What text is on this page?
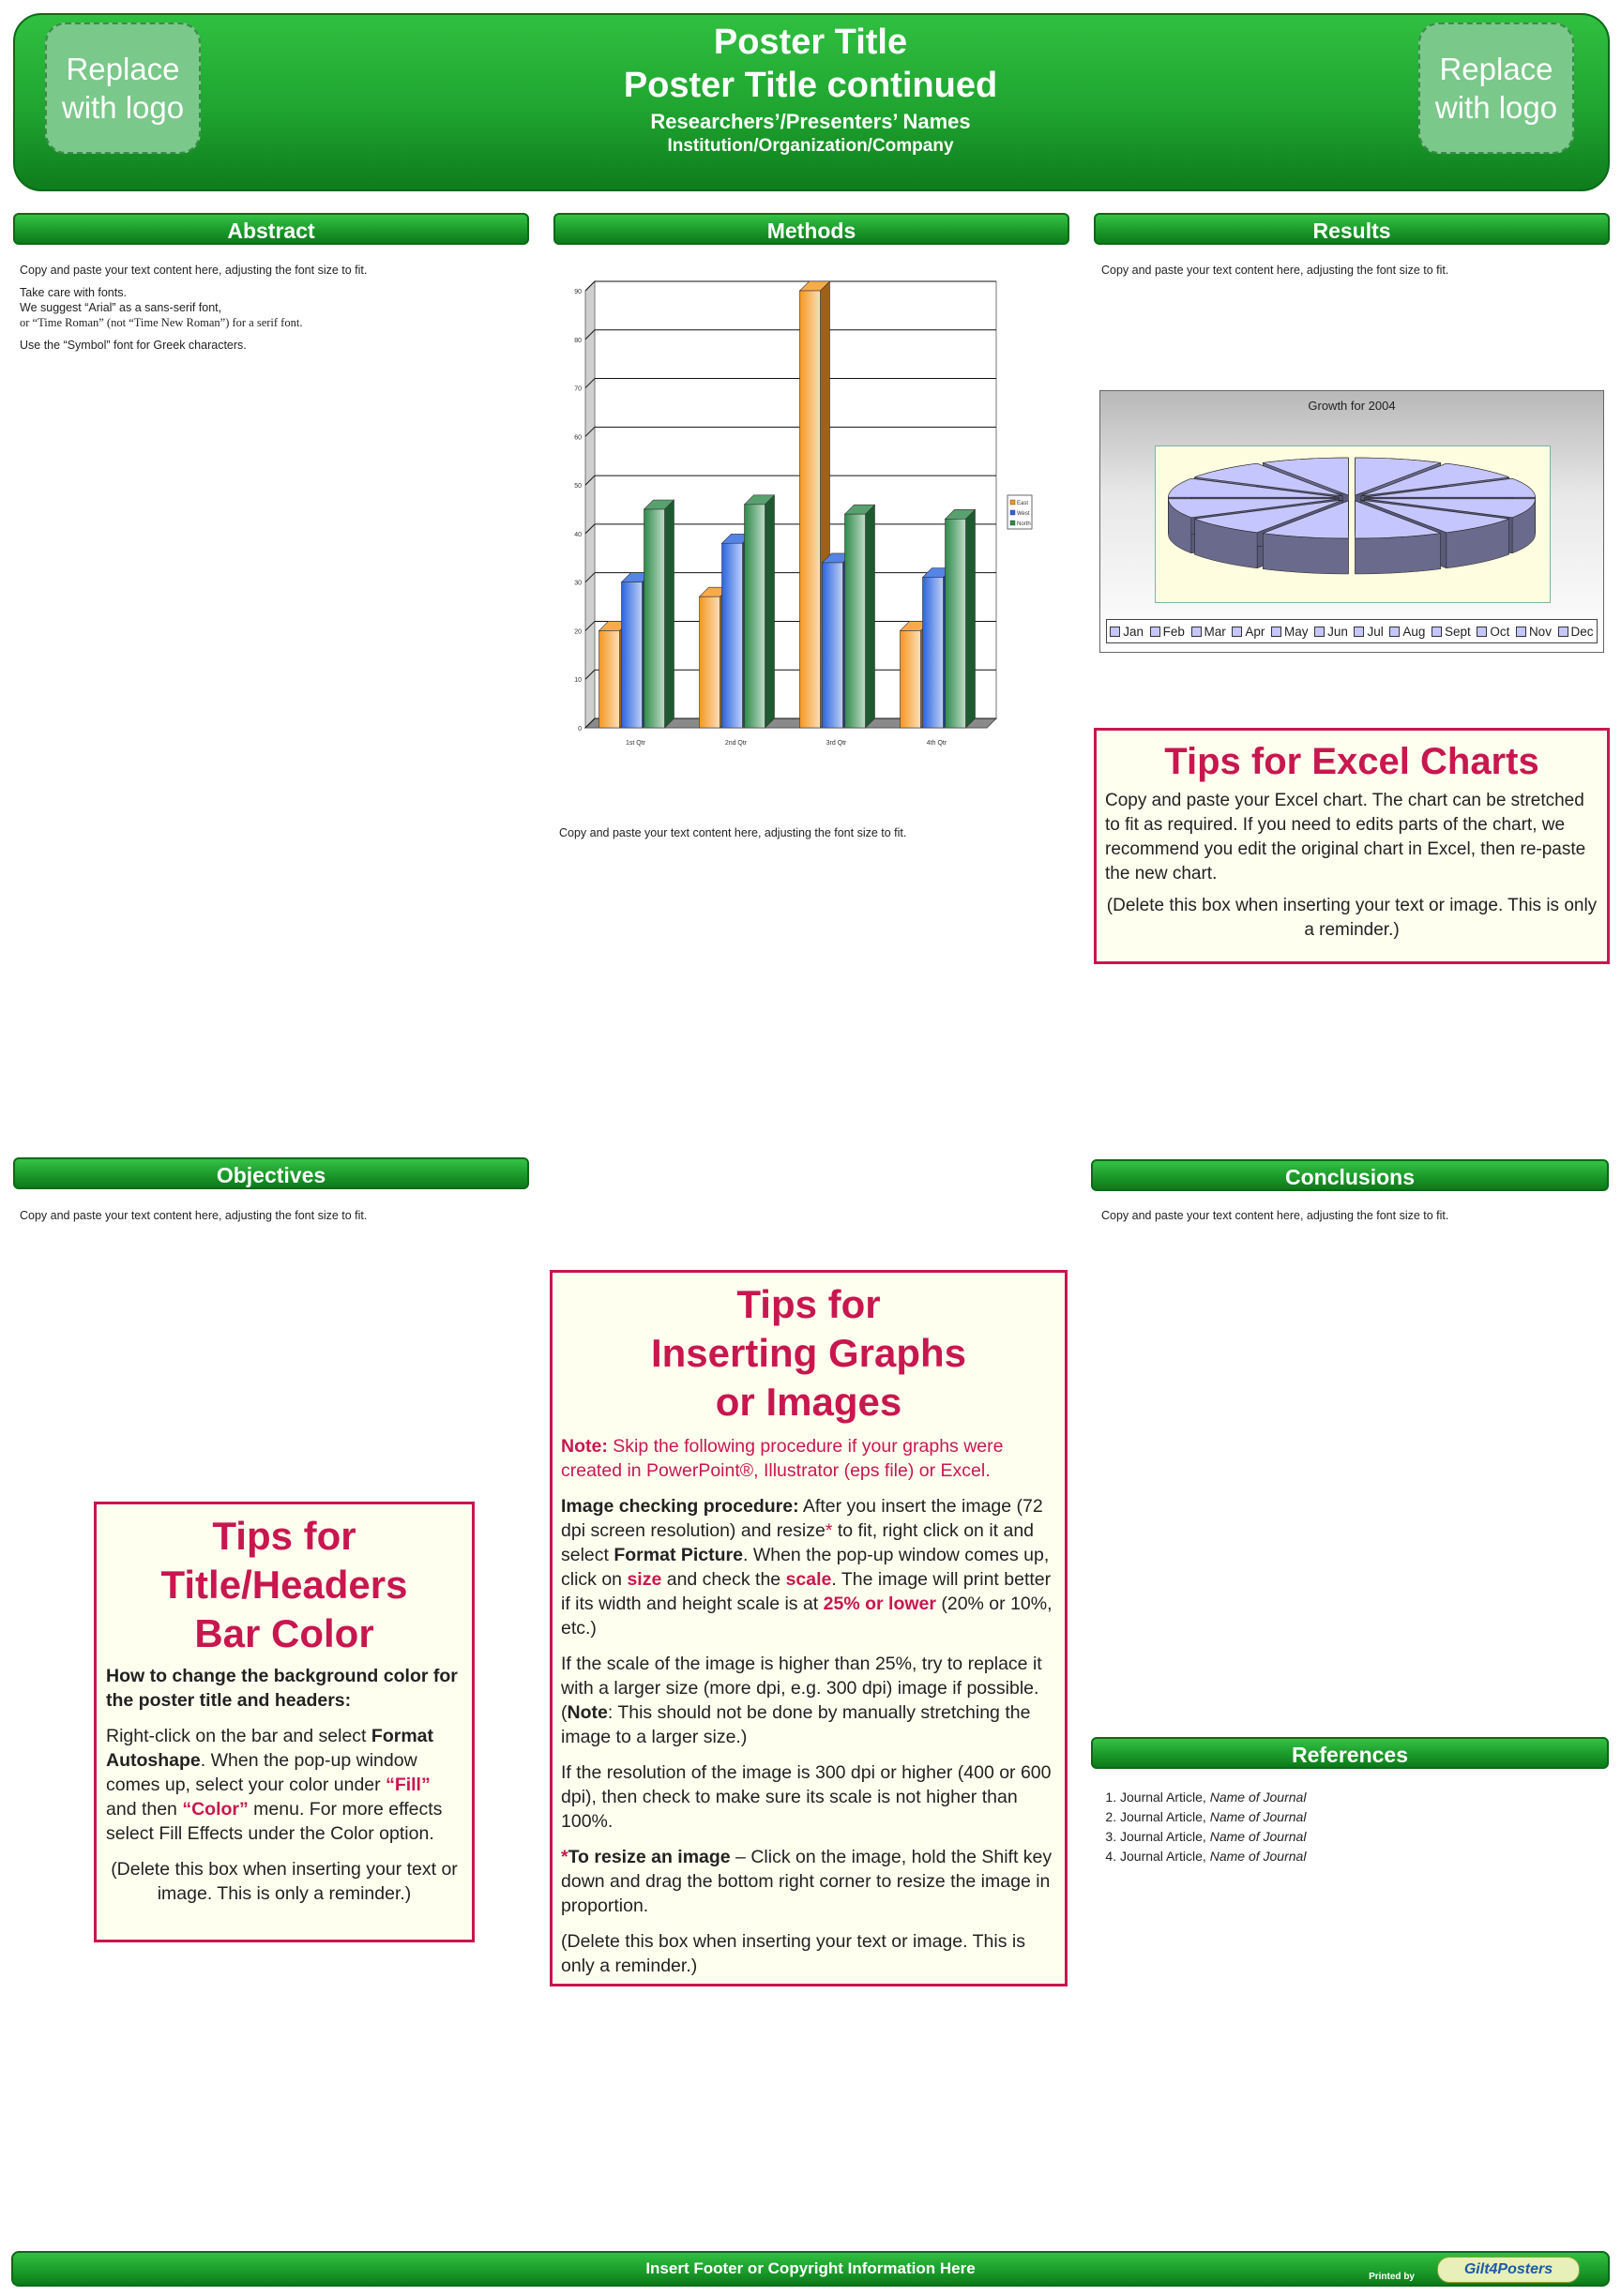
Replace with logo
Replace with logo
Poster Title
Poster Title continued
Researchers’/Presenters’ Names
Institution/Organization/Company
Abstract
Copy and paste your text content here, adjusting the font size to fit.
Take care with fonts.
We suggest “Arial” as a sans-serif font,
or “Time Roman” (not “Time New Roman”) for a serif font.
Use the “Symbol” font for Greek characters.
Methods
0
10
20
30
40
50
60
70
80
90
1st Qtr	2nd Qtr	3rd Qtr	4th Qtr
East
West
North
Copy and paste your text content here, adjusting the font size to fit.
Results
Copy and paste your text content here, adjusting the font size to fit.
Growth for 2004
Jan	Feb	Mar	Apr	May	Jun	Jul	Aug	Sept	Oct	Nov	Dec
Tips for Excel Charts

Copy and paste your Excel chart. The chart can be stretched to fit as required. If you need to edits parts of the chart, we recommend you edit the original chart in Excel, then re-paste the new chart.

(Delete this box when inserting your text or image. This is only a reminder.)

Objectives
Copy and paste your text content here, adjusting the font size to fit.
Conclusions
Copy and paste your text content here, adjusting the font size to fit.
Tips for
Title/Headers
Bar Color

How to change the background color for the poster title and headers:

Right-click on the bar and select Format Autoshape. When the pop-up window comes up, select your color under “Fill” and then “Color” menu. For more effects select Fill Effects under the Color option.

(Delete this box when inserting your text or image. This is only a reminder.)

Tips for
Inserting Graphs
or Images

Note: Skip the following procedure if your graphs were created in PowerPoint®, Illustrator (eps file) or Excel.

Image checking procedure: After you insert the image (72 dpi screen resolution) and resize* to fit, right click on it and select Format Picture. When the pop-up window comes up, click on size and check the scale. The image will print better if its width and height scale is at 25% or lower (20% or 10%, etc.)

If the scale of the image is higher than 25%, try to replace it with a larger size (more dpi, e.g. 300 dpi) image if possible. (Note: This should not be done by manually stretching the image to a larger size.)

If the resolution of the image is 300 dpi or higher (400 or 600 dpi), then check to make sure its scale is not higher than 100%.

*To resize an image – Click on the image, hold the Shift key down and drag the bottom right corner to resize the image in proportion.

(Delete this box when inserting your text or image. This is only a reminder.)

References
1. Journal Article, Name of Journal
2. Journal Article, Name of Journal
3. Journal Article, Name of Journal
4. Journal Article, Name of Journal
Insert Footer or Copyright Information Here	Printed by	Gilt4Posters
